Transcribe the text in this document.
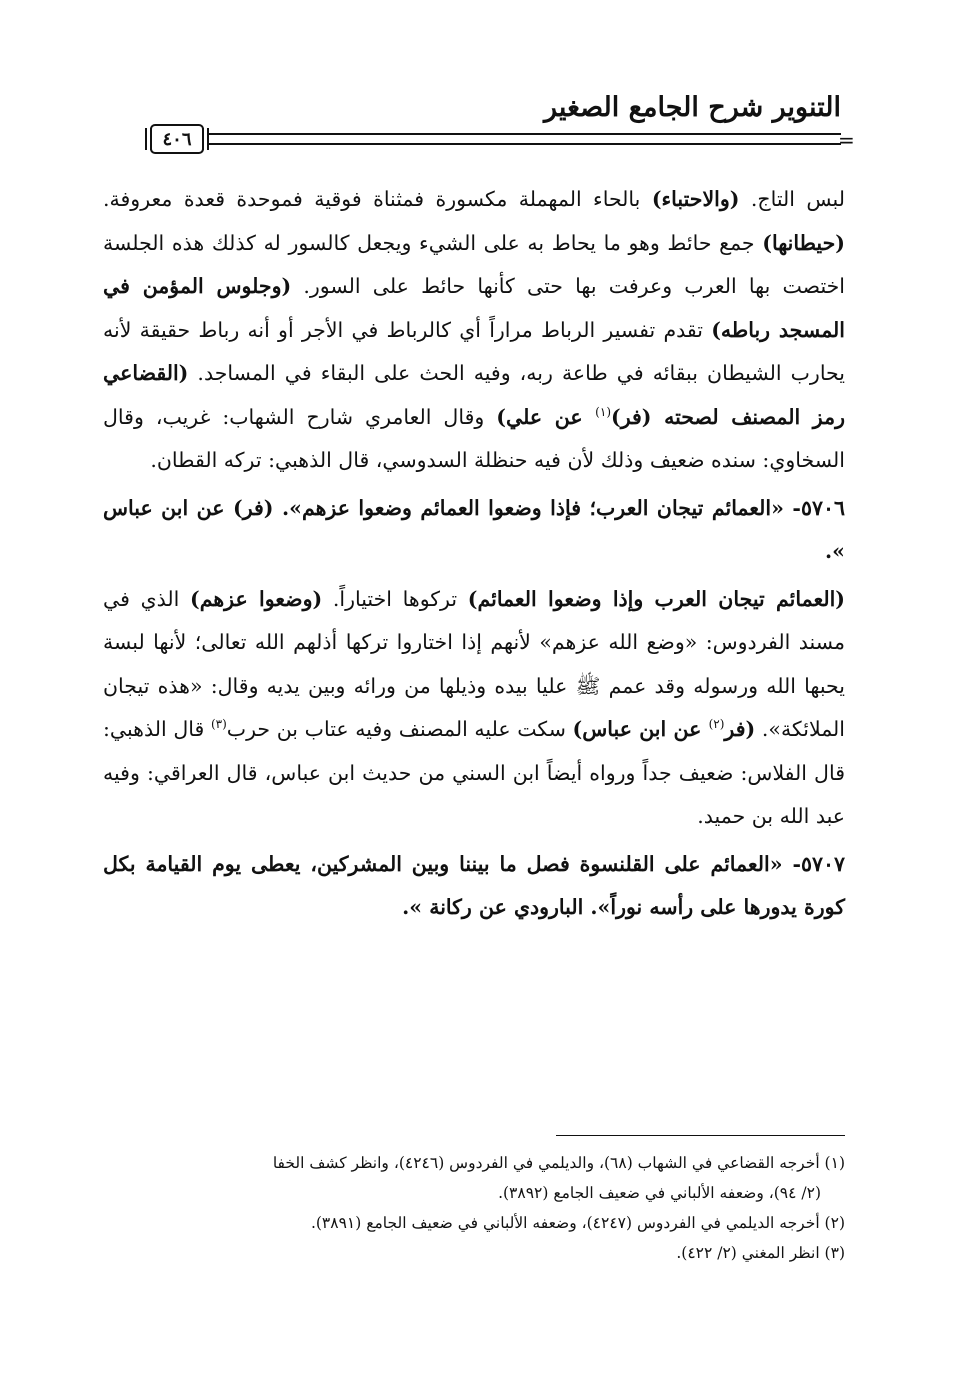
التنوير شرح الجامع الصغير
٤٠٦	=

لبس التاج. (والاحتباء) بالحاء المهملة مكسورة فمثناة فوقية فموحدة قعدة معروفة. (حيطانها) جمع حائط وهو ما يحاط به على الشيء ويجعل كالسور له كذلك هذه الجلسة اختصت بها العرب وعرفت بها حتى كأنها حائط على السور. (وجلوس المؤمن في المسجد رباطه) تقدم تفسير الرباط مراراً أي كالرباط في الأجر أو أنه رباط حقيقة لأنه يحارب الشيطان ببقائه في طاعة ربه، وفيه الحث على البقاء في المساجد. (القضاعي رمز المصنف لصحته (فر)$^{(١)}$ عن علي) وقال العامري شارح الشهاب: غريب، وقال السخاوي: سنده ضعيف وذلك لأن فيه حنظلة السدوسي، قال الذهبي: تركه القطان.

٥٧٠٦- «العمائم تيجان العرب؛ فإذا وضعوا العمائم وضعوا عزهم». (فر) عن ابن عباس ».

(العمائم تيجان العرب وإذا وضعوا العمائم) تركوها اختياراً. (وضعوا عزهم) الذي في مسند الفردوس: «وضع الله عزهم» لأنهم إذا اختاروا تركها أذلهم الله تعالى؛ لأنها لبسة يحبها الله ورسوله وقد عمم ﷺ عليا بيده وذيلها من ورائه وبين يديه وقال: «هذه تيجان الملائكة». (فر$^{(٢)}$ عن ابن عباس) سكت عليه المصنف وفيه عتاب بن حرب$^{(٣)}$ قال الذهبي: قال الفلاس: ضعيف جداً ورواه أيضاً ابن السني من حديث ابن عباس، قال العراقي: وفيه عبد الله بن حميد.

٥٧٠٧- «العمائم على القلنسوة فصل ما بيننا وبين المشركين، يعطى يوم القيامة بكل كورة يدورها على رأسه نوراً». البارودي عن ركانة ».

(١) أخرجه القضاعي في الشهاب (٦٨)، والديلمي في الفردوس (٤٢٤٦)، وانظر كشف الخفا

(٢/ ٩٤)، وضعفه الألباني في ضعيف الجامع (٣٨٩٢).

(٢) أخرجه الديلمي في الفردوس (٤٢٤٧)، وضعفه الألباني في ضعيف الجامع (٣٨٩١).

(٣) انظر المغني (٢/ ٤٢٢).
